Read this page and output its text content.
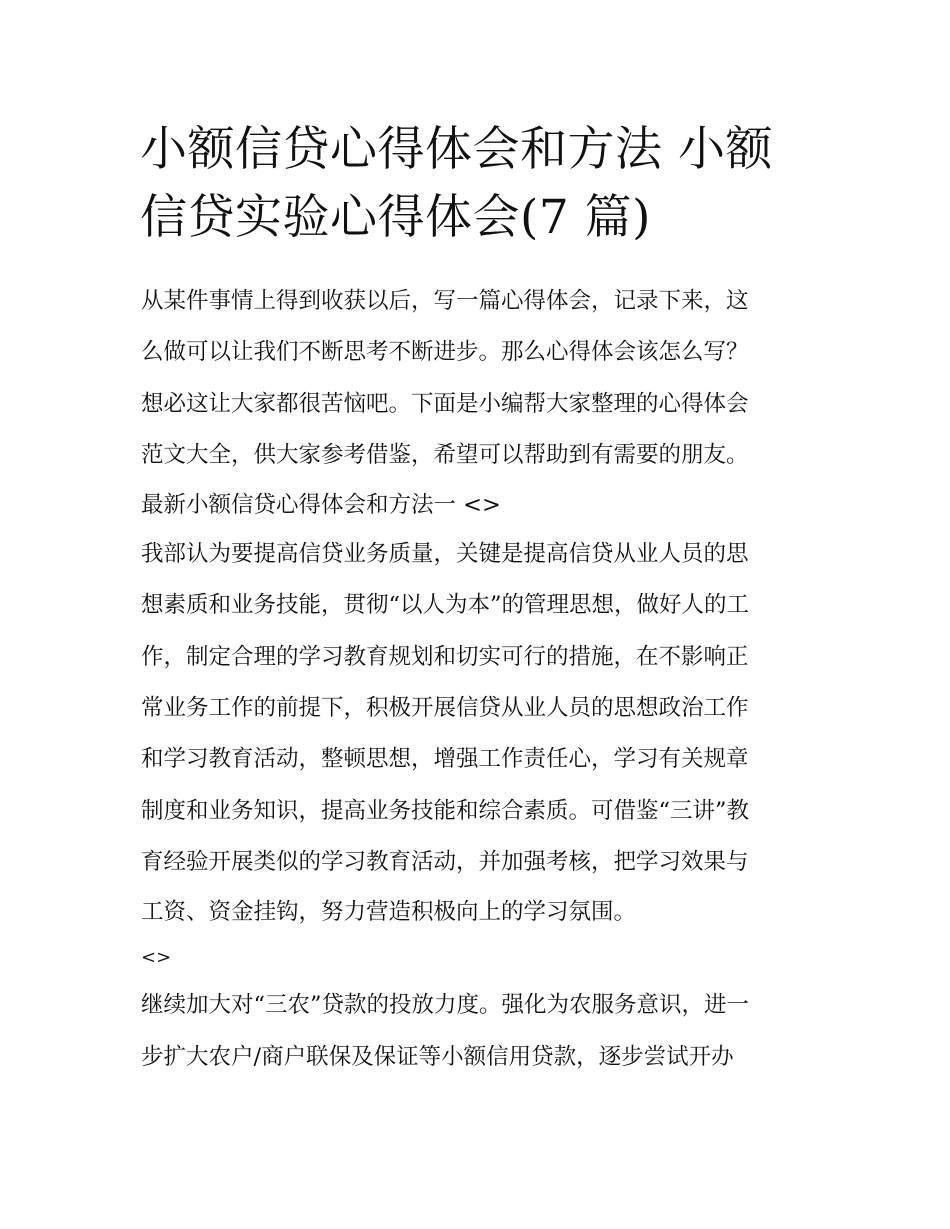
小额信贷心得体会和方法 小额
信贷实验心得体会(7 篇)
从某件事情上得到收获以后，写一篇心得体会，记录下来，这
么做可以让我们不断思考不断进步。那么心得体会该怎么写？
想必这让大家都很苦恼吧。下面是小编帮大家整理的心得体会
范文大全，供大家参考借鉴，希望可以帮助到有需要的朋友。
最新小额信贷心得体会和方法一 <>
我部认为要提高信贷业务质量，关键是提高信贷从业人员的思
想素质和业务技能，贯彻“以人为本”的管理思想，做好人的工
作，制定合理的学习教育规划和切实可行的措施，在不影响正
常业务工作的前提下，积极开展信贷从业人员的思想政治工作
和学习教育活动，整顿思想，增强工作责任心，学习有关规章
制度和业务知识，提高业务技能和综合素质。可借鉴“三讲”教
育经验开展类似的学习教育活动，并加强考核，把学习效果与
工资、资金挂钩，努力营造积极向上的学习氛围。
<>
继续加大对“三农”贷款的投放力度。强化为农服务意识，进一
步扩大农户/商户联保及保证等小额信用贷款，逐步尝试开办
